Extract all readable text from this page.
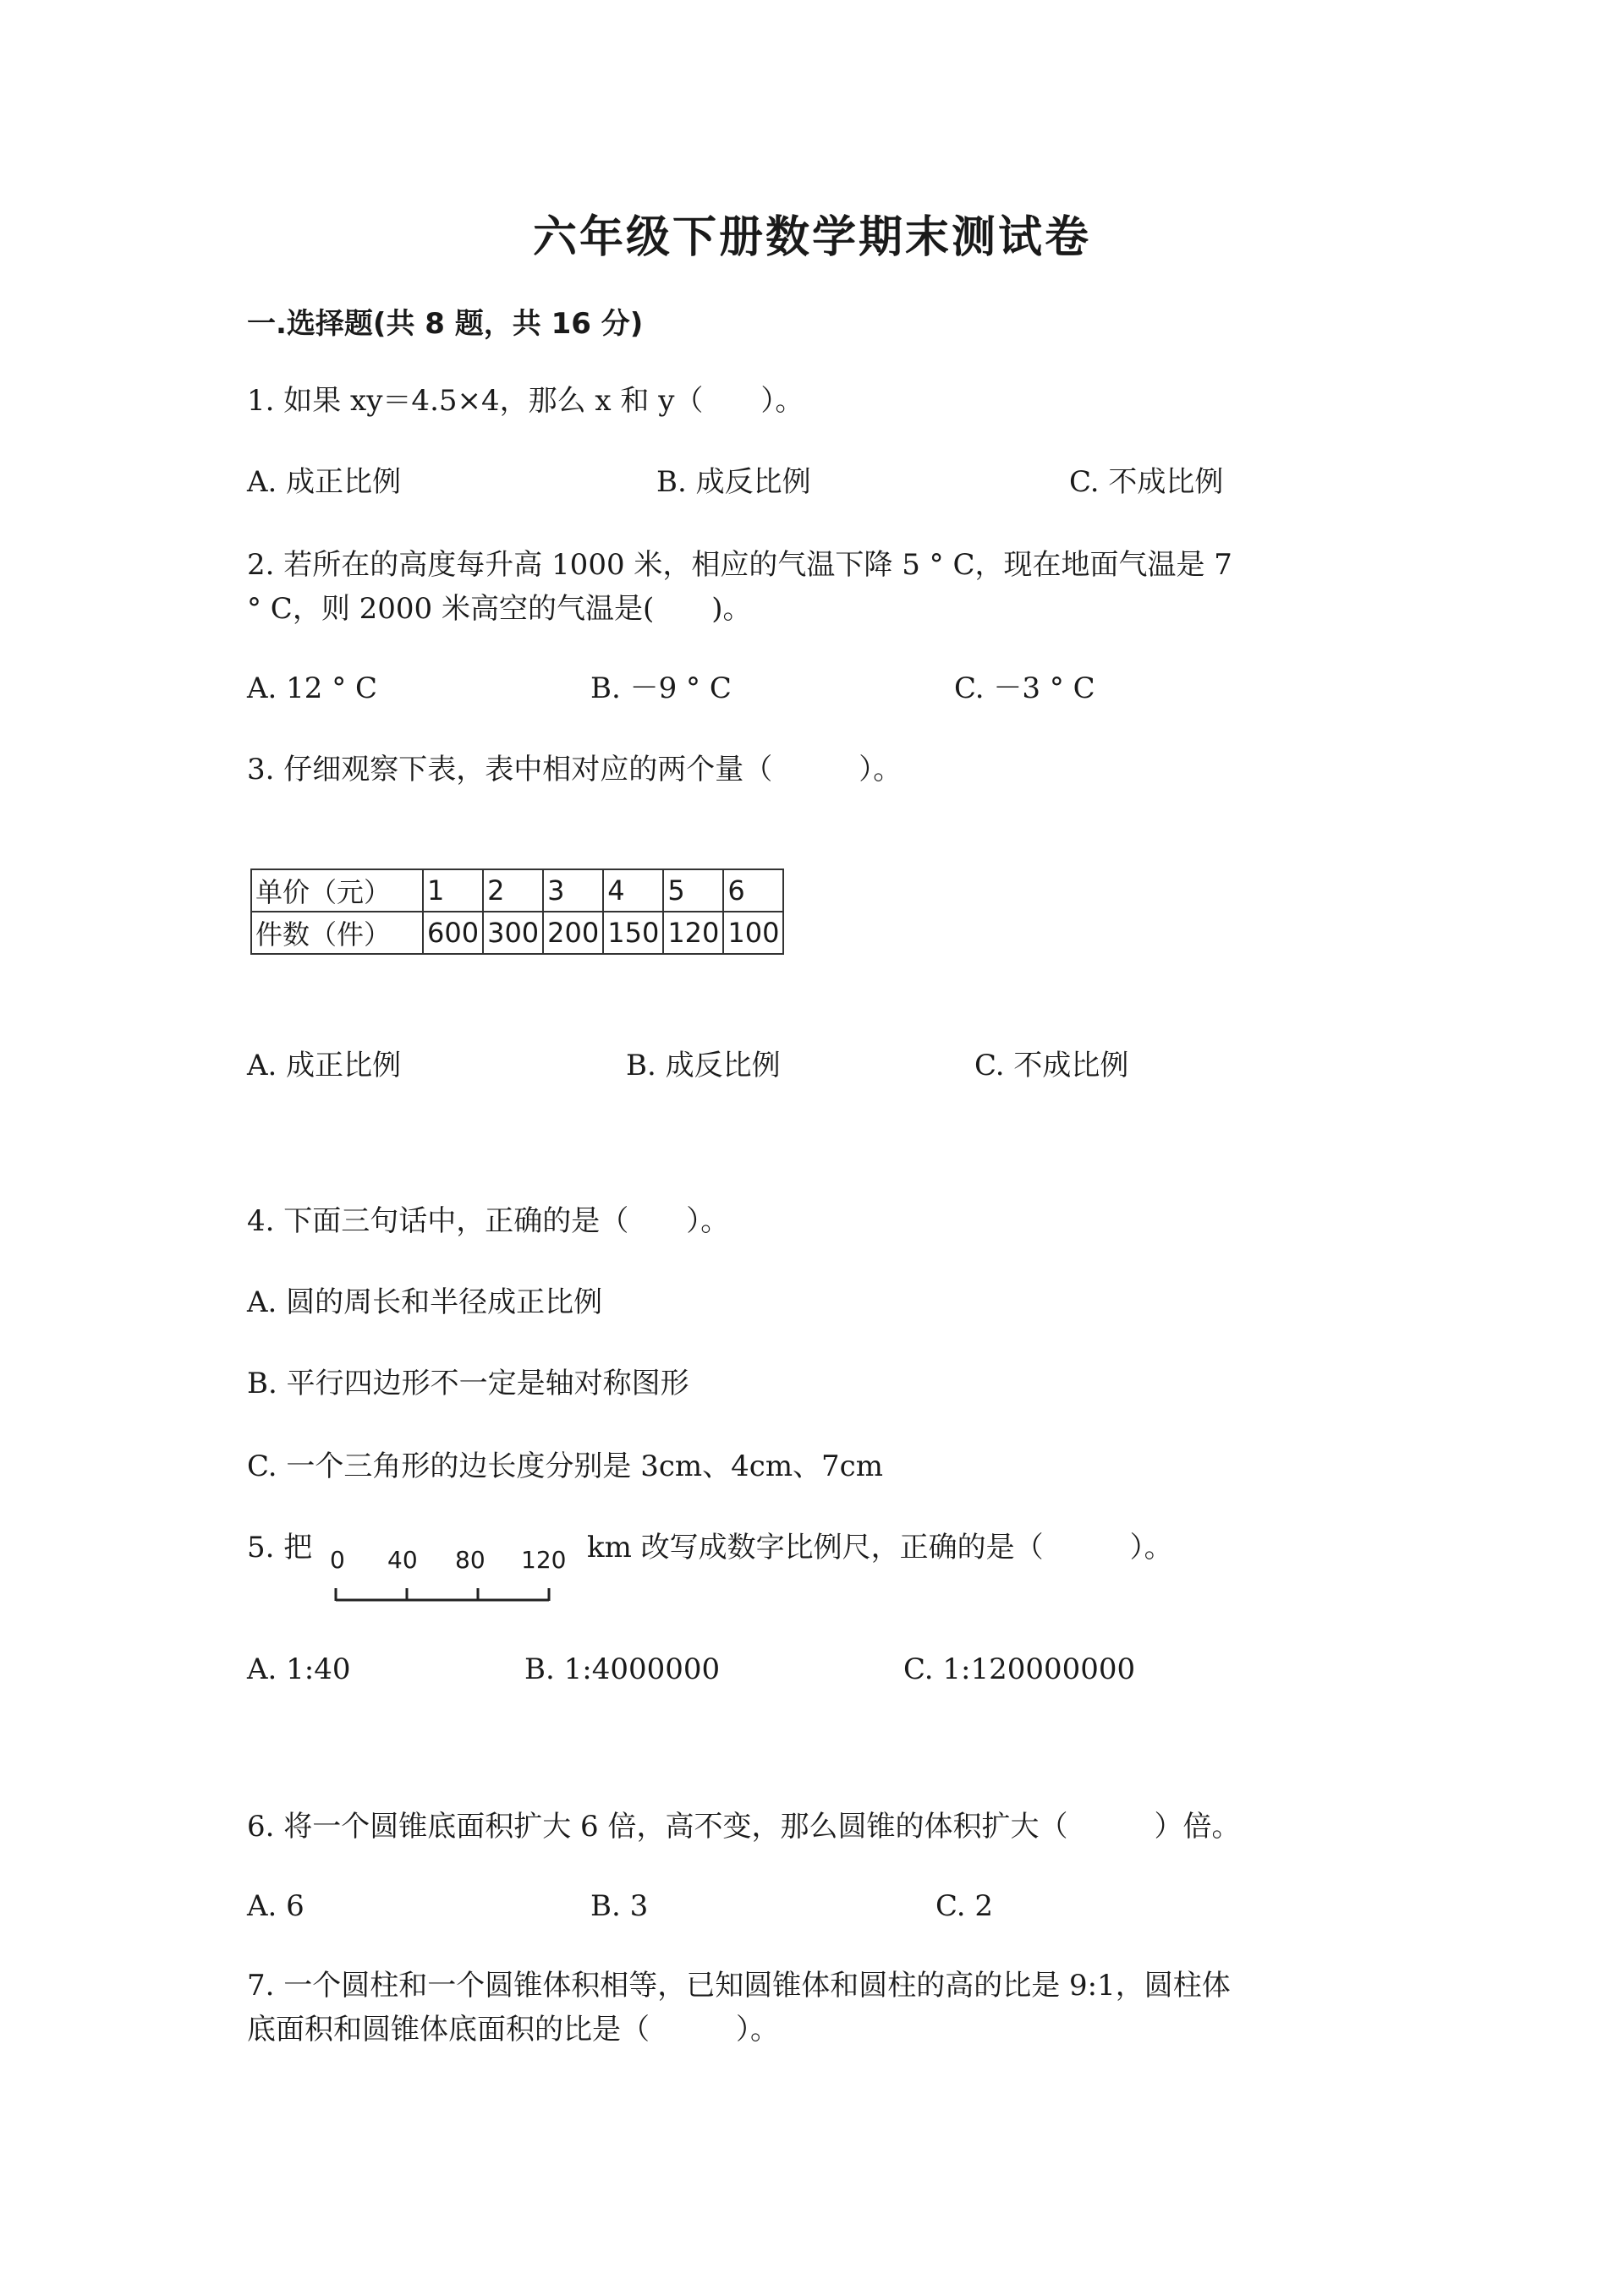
六年级下册数学期末测试卷
一.选择题(共 8 题，共 16 分)
1. 如果 xy＝4.5×4，那么 x 和 y（　　）。
A. 成正比例	B. 成反比例	C. 不成比例
2. 若所在的高度每升高 1000 米，相应的气温下降 5 ° C，现在地面气温是 7
° C，则 2000 米高空的气温是(　　)。
A. 12 ° C	B. －9 ° C	C. －3 ° C
3. 仔细观察下表，表中相对应的两个量（　　　）。
单价（元）	1	2	3	4	5	6
件数（件）	600	300	200	150	120	100
A. 成正比例	B. 成反比例	C. 不成比例
4. 下面三句话中，正确的是（　　）。
A. 圆的周长和半径成正比例
B. 平行四边形不一定是轴对称图形
C. 一个三角形的边长度分别是 3cm、4cm、7cm
5. 把 0 40 80 120 km 改写成数字比例尺，正确的是（　　　）。
A. 1:40	B. 1:4000000	C. 1:120000000
6. 将一个圆锥底面积扩大 6 倍，高不变，那么圆锥的体积扩大（　　　）倍。
A. 6	B. 3	C. 2
7. 一个圆柱和一个圆锥体积相等，已知圆锥体和圆柱的高的比是 9:1，圆柱体
底面积和圆锥体底面积的比是（　　　）。
